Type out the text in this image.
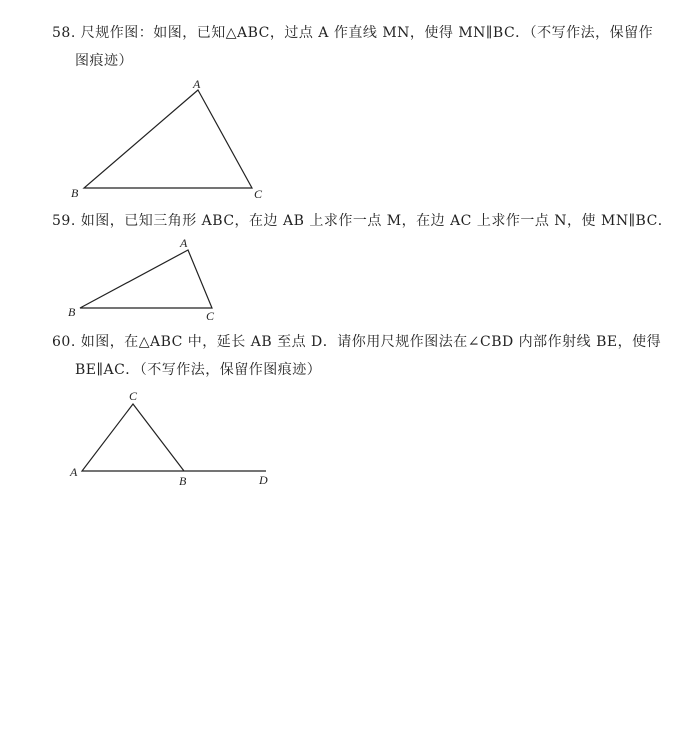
58. 尺规作图：如图，已知△ABC，过点 A 作直线 MN，使得 MN∥BC．（不写作法，保留作
图痕迹）
59. 如图，已知三角形 ABC，在边 AB 上求作一点 M，在边 AC 上求作一点 N，使 MN∥BC．
60. 如图，在△ABC 中，延长 AB 至点 D．请你用尺规作图法在∠CBD 内部作射线 BE，使得
BE∥AC．（不写作法，保留作图痕迹）
A
B	C
A
B	C
C
A
B	D
